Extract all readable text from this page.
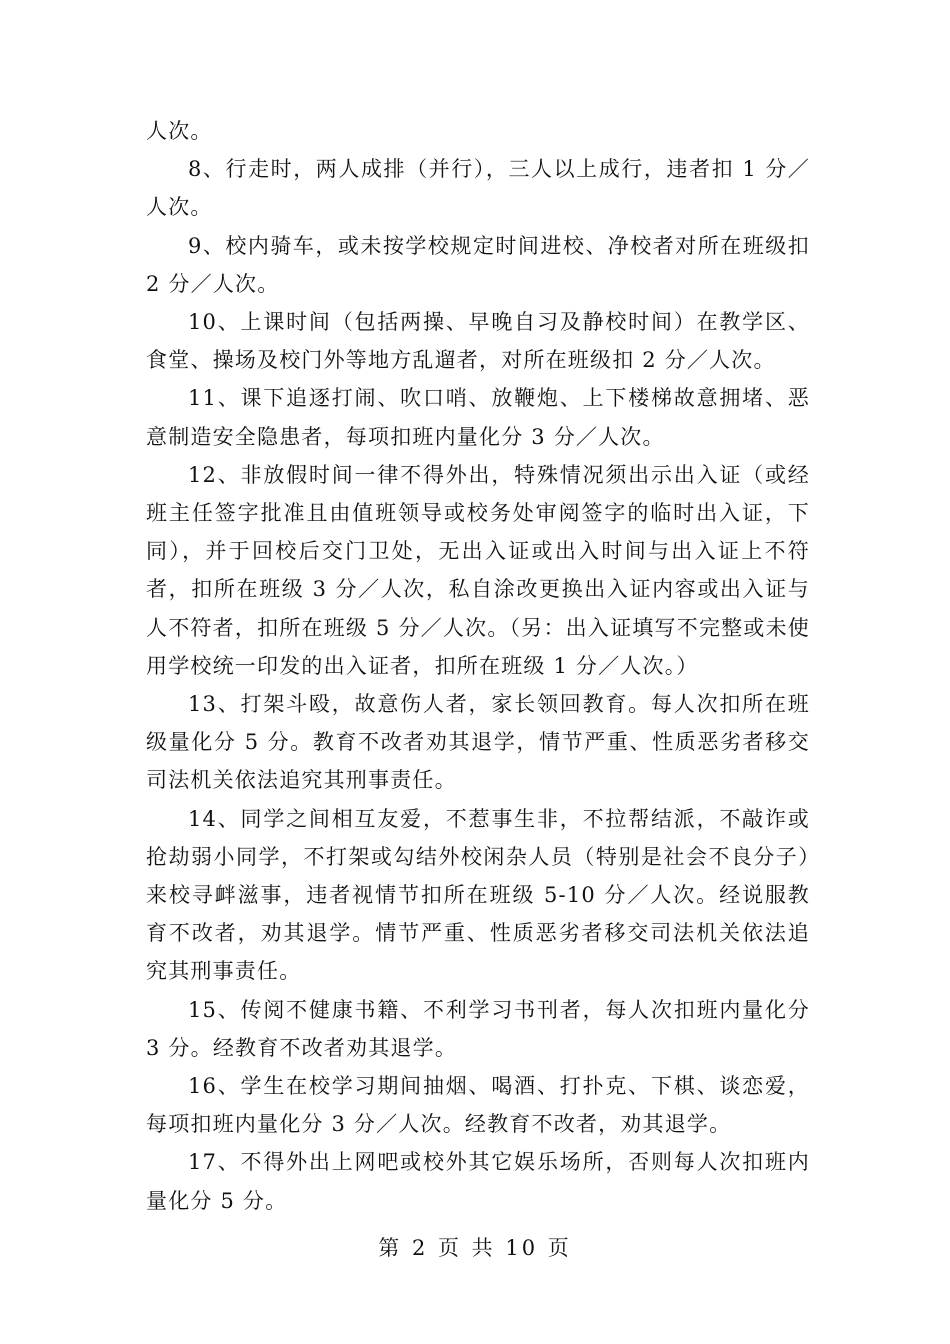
人次。

8、行走时，两人成排（并行），三人以上成行，违者扣 1 分／人次。

9、校内骑车，或未按学校规定时间进校、净校者对所在班级扣 2 分／人次。

10、上课时间（包括两操、早晚自习及静校时间）在教学区、食堂、操场及校门外等地方乱遛者，对所在班级扣 2 分／人次。

11、课下追逐打闹、吹口哨、放鞭炮、上下楼梯故意拥堵、恶意制造安全隐患者，每项扣班内量化分 3 分／人次。

12、非放假时间一律不得外出，特殊情况须出示出入证（或经班主任签字批准且由值班领导或校务处审阅签字的临时出入证，下同），并于回校后交门卫处，无出入证或出入时间与出入证上不符者，扣所在班级 3 分／人次，私自涂改更换出入证内容或出入证与人不符者，扣所在班级 5 分／人次。（另：出入证填写不完整或未使用学校统一印发的出入证者，扣所在班级 1 分／人次。）

13、打架斗殴，故意伤人者，家长领回教育。每人次扣所在班级量化分 5 分。教育不改者劝其退学，情节严重、性质恶劣者移交司法机关依法追究其刑事责任。

14、同学之间相互友爱，不惹事生非，不拉帮结派，不敲诈或抢劫弱小同学，不打架或勾结外校闲杂人员（特别是社会不良分子）来校寻衅滋事，违者视情节扣所在班级 5-10 分／人次。经说服教育不改者，劝其退学。情节严重、性质恶劣者移交司法机关依法追究其刑事责任。

15、传阅不健康书籍、不利学习书刊者，每人次扣班内量化分 3 分。经教育不改者劝其退学。

16、学生在校学习期间抽烟、喝酒、打扑克、下棋、谈恋爱，每项扣班内量化分 3 分／人次。经教育不改者，劝其退学。

17、不得外出上网吧或校外其它娱乐场所，否则每人次扣班内量化分 5 分。

第 2 页 共 10 页
